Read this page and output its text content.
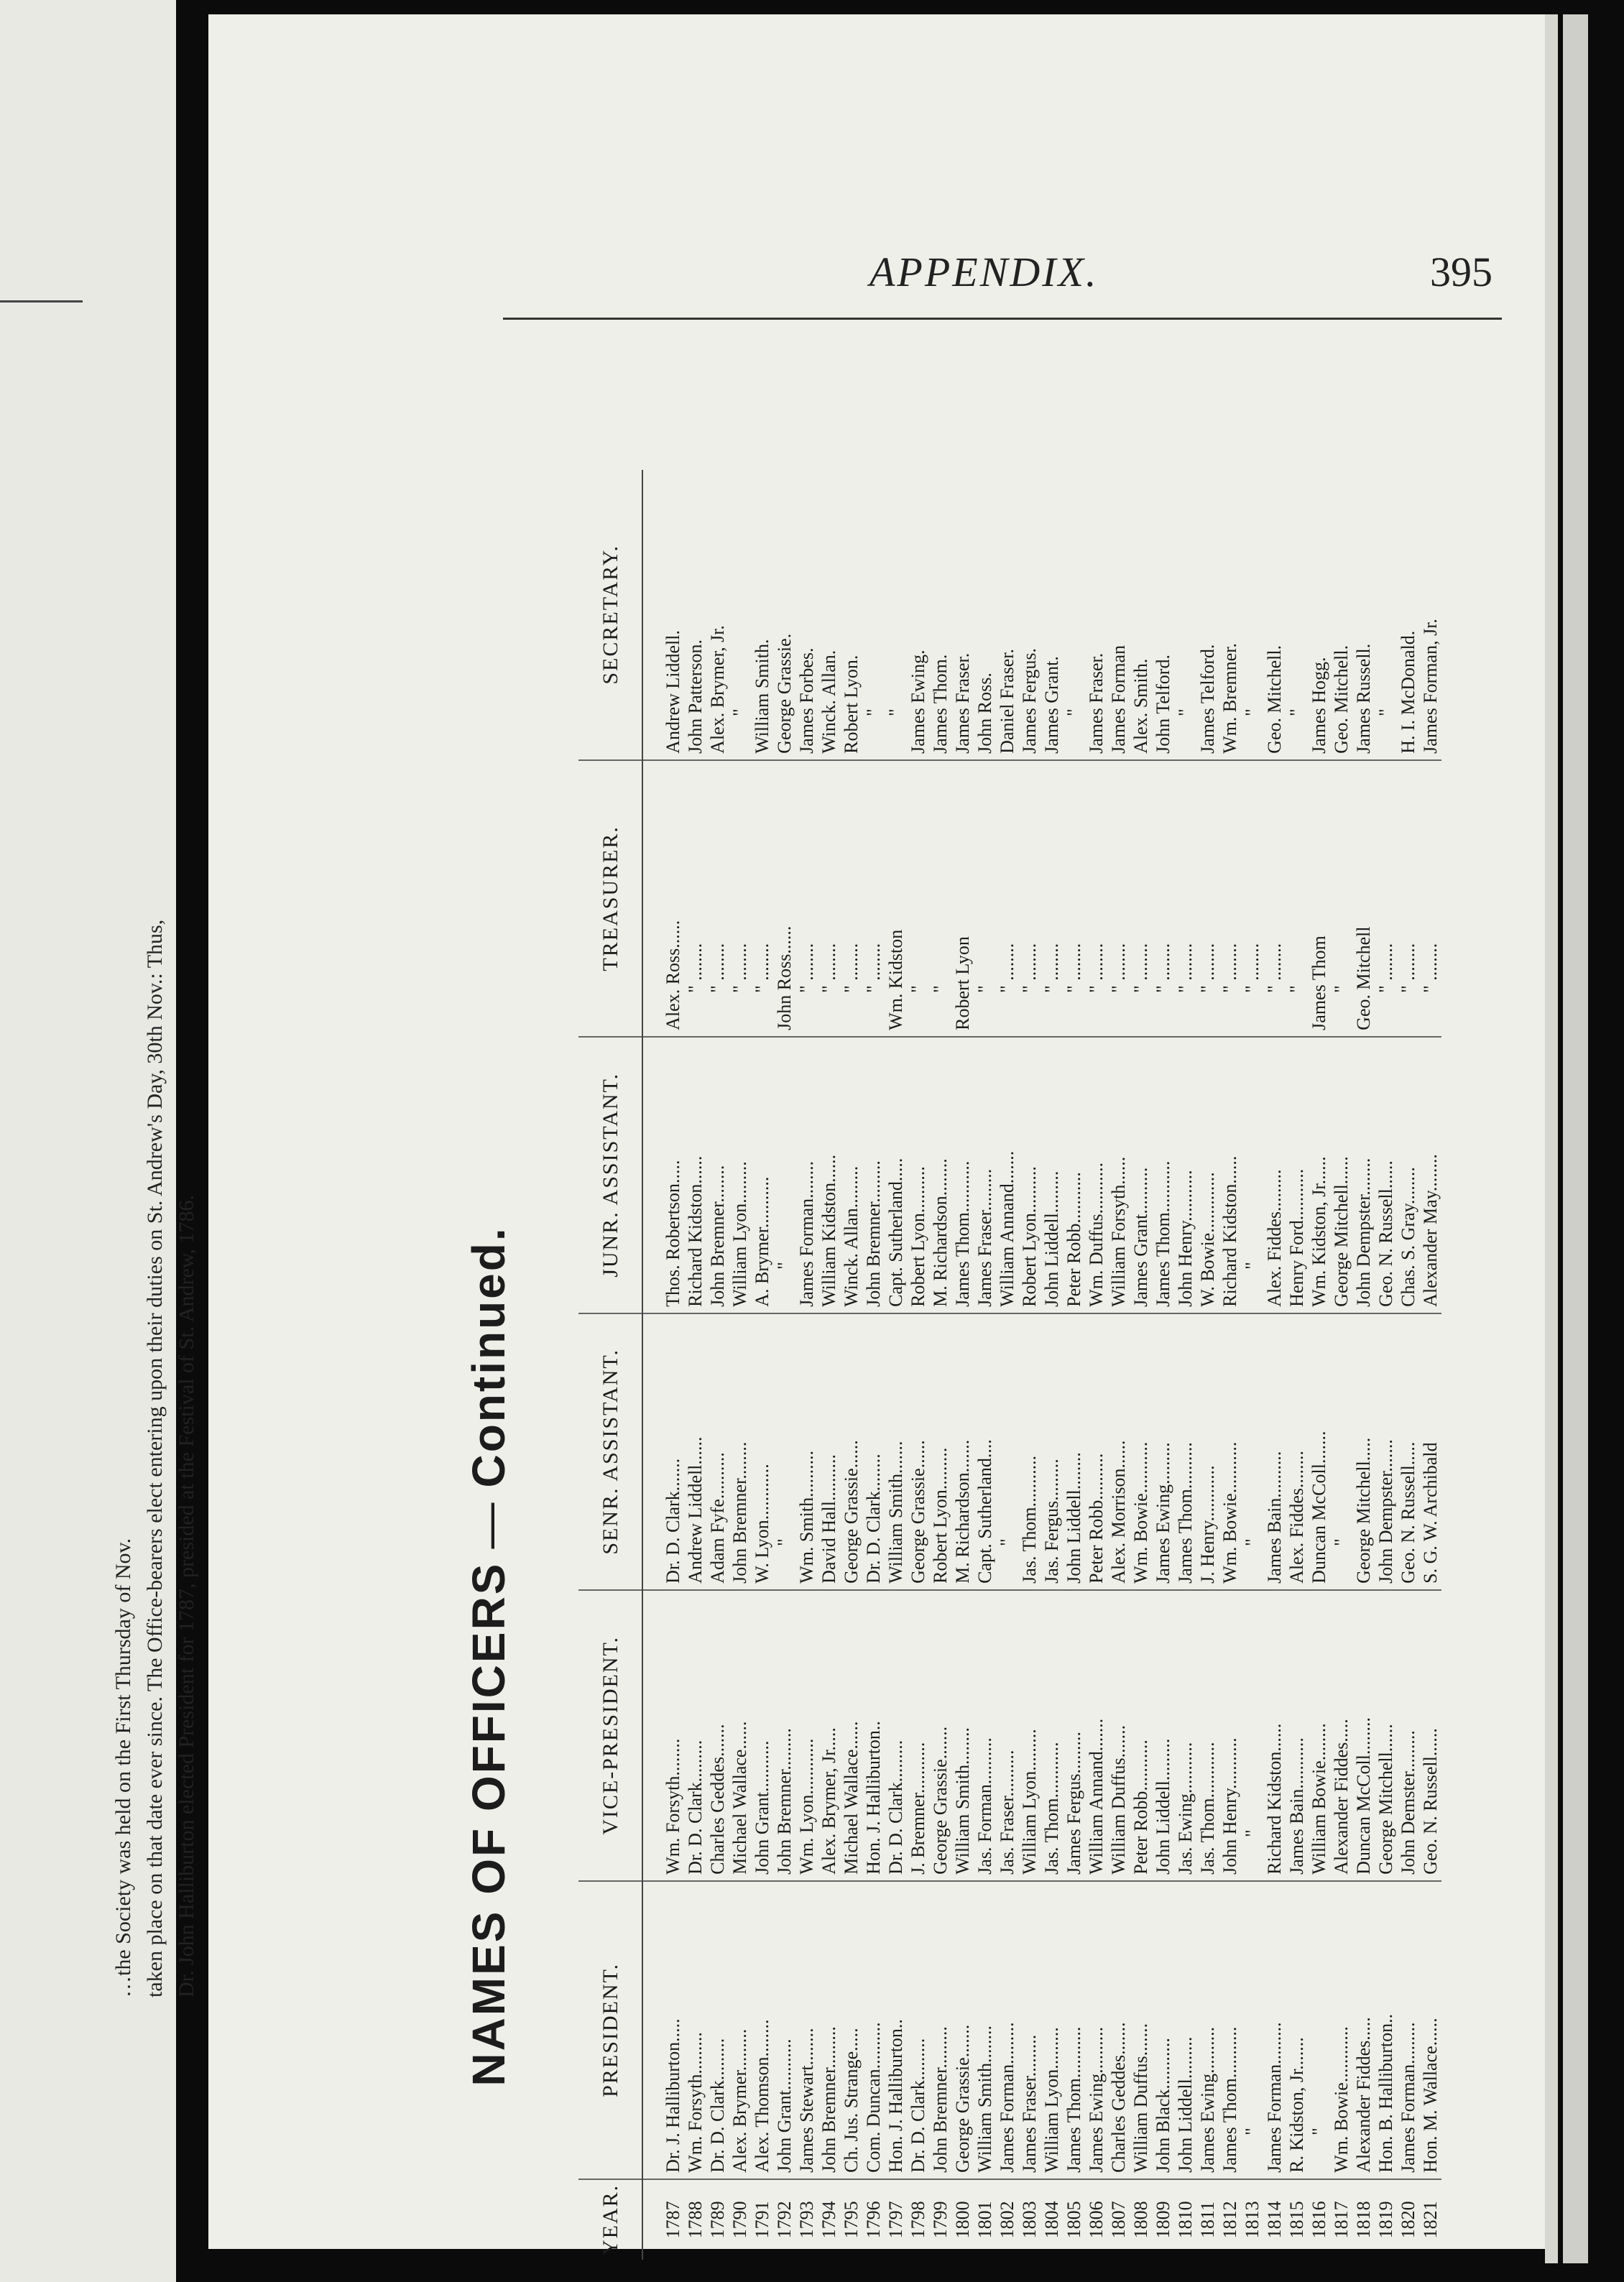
…the Society was held on the First Thursday of Nov. taken place on that date ever since. The Office-bearers elect entering upon their duties on St. Andrew's Day, 30th Nov.: Thus, Dr. John Halliburton elected President for 1787, presided at the Festival of St. Andrew, 1786.
APPENDIX.	395
NAMES OF OFFICERS
—
Continued.
YEAR.	PRESIDENT.	VICE-PRESIDENT.	SENR. ASSISTANT.	JUNR. ASSISTANT.	TREASURER.	SECRETARY.
1787	Dr. J. Halliburton.....	Wm. Forsyth........	Dr. D. Clark.......	Thos. Robertson.....	Alex. Ross......	Andrew Liddell.
1788	Wm. Forsyth.........	Dr. D. Clark.........	Andrew Liddell......	Richard Kidston......	" ........	John Patterson.
1789	Dr. D. Clark.........	Charles Geddes.......	Adam Fyfe..........	John Bremner........	" ........	Alex. Brymer, Jr.
1790	Alex. Brymer.........	Michael Wallace......	John Bremner........	William Lyon.........	" ........	"
1791	Alex. Thomson........	John Grant...........	W. Lyon............	A. Brymer...........	" ........	William Smith.
1792	John Grant...........	John Bremner.........	"	"	John Ross......	George Grassie.
1793	James Stewart........	Wm. Lyon............	Wm. Smith..........	James Forman........	" ........	James Forbes.
1794	John Bremner.........	Alex. Brymer, Jr.....	David Hall..........	William Kidston......	" ........	Winck. Allan.
1795	Ch. Jus. Strange.....	Michael Wallace......	George Grassie......	Winck. Allan.........	" ........	Robert Lyon.
1796	Com. Duncan..........	Hon. J. Halliburton..	Dr. D. Clark........	John Bremner.........	" ........	"
1797	Hon. J. Halliburton..	Dr. D. Clark.........	William Smith.......	Capt. Sutherland.....	Wm. Kidston	"
1798	Dr. D. Clark.........	J. Bremner...........	George Grassie......	Robert Lyon..........	"	James Ewing.
1799	John Bremner.........	George Grassie.......	Robert Lyon.........	M. Richardson........	"	James Thom.
1800	George Grassie.......	William Smith........	M. Richardson.......	James Thom...........	Robert Lyon	James Fraser.
1801	William Smith........	Jas. Forman..........	Capt. Sutherland....	James Fraser.........	"	John Ross.
1802	James Forman.........	Jas. Fraser..........	"	William Annand.......	" ........	Daniel Fraser.
1803	James Fraser.........	William Lyon.........	Jas. Thom...........	Robert Lyon..........	" ........	James Fergus.
1804	William Lyon.........	Jas. Thom............	Jas. Fergus.........	John Liddell.........	" ........	James Grant.
1805	James Thom...........	James Fergus.........	John Liddell........	Peter Robb...........	" ........	"
1806	James Ewing..........	William Annand.......	Peter Robb..........	Wm. Duffus...........	" ........	James Fraser.
1807	Charles Geddes.......	William Duffus.......	Alex. Morrison......	William Forsyth......	" ........	James Forman
1808	William Duffus.......	Peter Robb...........	Wm. Bowie...........	James Grant..........	" ........	Alex. Smith.
1809	John Black...........	John Liddell.........	James Ewing.........	James Thom...........	" ........	John Telford.
1810	John Liddell.........	Jas. Ewing...........	James Thom..........	John Henry...........	" ........	"
1811	James Ewing..........	Jas. Thom............	J. Henry............	W. Bowie.............	" ........	James Telford.
1812	James Thom...........	John Henry...........	Wm. Bowie...........	Richard Kidston......	" ........	Wm. Bremner.
1813	"	"	"	"	" ........	"
1814	James Forman.........	Richard Kidston......	James Bain..........	Alex. Fiddes.........	" ........	Geo. Mitchell.
1815	R. Kidston, Jr.......	James Bain...........	Alex. Fiddes........	Henry Ford...........	"	"
1816	"	William Bowie........	Duncan McColl.......	Wm. Kidston, Jr......	James Thom	James Hogg.
1817	Wm. Bowie............	Alexander Fiddes.....	"	George Mitchell......	"	Geo. Mitchell.
1818	Alexander Fiddes.....	Duncan McColl........	George Mitchell.....	John Dempster........	Geo. Mitchell	James Russell.
1819	Hon. B. Halliburton..	George Mitchell......	John Dempster.......	Geo. N. Russell......	" ........	"
1820	James Forman.........	John Demster.........	Geo. N. Russell.....	Chas. S. Gray........	" ........	H. I. McDonald.
1821	Hon. M. Wallace......	Geo. N. Russell......	S. G. W. Archibald	Alexander May........	" ........	James Forman, Jr.
